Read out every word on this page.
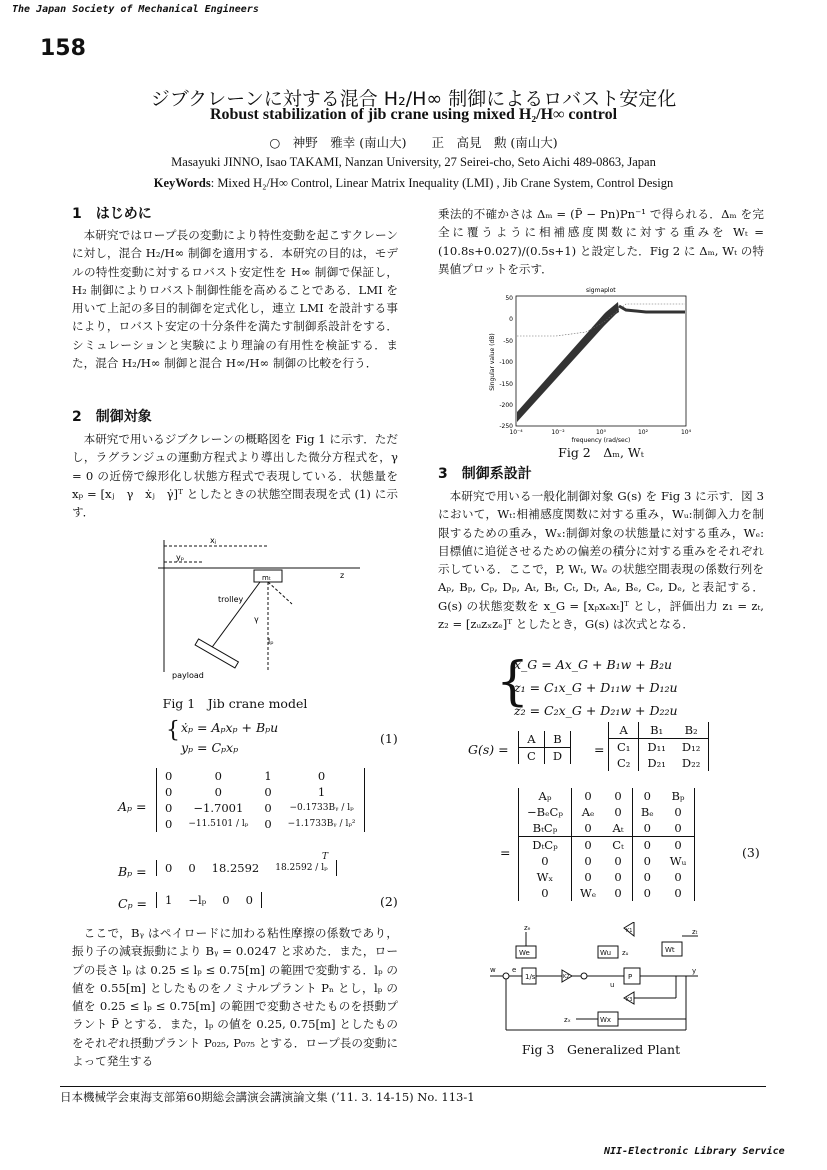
The Japan Society of Mechanical Engineers
158
ジブクレーンに対する混合 H₂/H∞ 制御によるロバスト安定化
Robust stabilization of jib crane using mixed H₂/H∞ control
○　神野　雅幸 (南山大)　　正　高見　勲 (南山大)
Masayuki JINNO, Isao TAKAMI, Nanzan University, 27 Seirei-cho, Seto Aichi 489-0863, Japan
KeyWords: Mixed H₂/H∞ Control, Linear Matrix Inequality (LMI) , Jib Crane System, Control Design
1　はじめに
本研究ではロープ長の変動により特性変動を起こすクレーンに対し，混合 H₂/H∞ 制御を適用する．本研究の目的は，モデルの特性変動に対するロバスト安定性を H∞ 制御で保証し，H₂ 制御によりロバスト制御性能を高めることである．LMI を用いて上記の多目的制御を定式化し，連立 LMI を設計する事により，ロバスト安定の十分条件を満たす制御系設計をする．シミュレーションと実験により理論の有用性を検証する．また，混合 H₂/H∞ 制御と混合 H∞/H∞ 制御の比較を行う．
2　制御対象
本研究で用いるジブクレーンの概略図を Fig 1 に示す．ただし，ラグランジュの運動方程式より導出した微分方程式を，γ = 0 の近傍で線形化し状態方程式で表現している．状態量を xₚ = [xⱼ　γ　ẋⱼ　γ̇]ᵀ としたときの状態空間表現を式 (1) に示す．
xⱼ
yₚ
z
mₜ
trolley
γ
lₚ
payload
Fig 1　Jib crane model
{ ẋₚ = Aₚxₚ + Bₚu
yₚ = Cₚxₚ
(1)
Aₚ =
0	0	1	0
0	0	0	1
0	−1.7001	0	−0.1733Bᵧ / lₚ
0	−11.5101 / lₚ	0	−1.1733Bᵧ / lₚ²
Bₚ = 0	0	18.2592	18.2592 / lₚ
T
Cₚ = 1	−lₚ	0	0	(2)
ここで，Bᵧ はペイロードに加わる粘性摩擦の係数であり，振り子の減衰振動により Bᵧ = 0.0247 と求めた．また，ロープの長さ lₚ は 0.25 ≤ lₚ ≤ 0.75[m] の範囲で変動する．lₚ の値を 0.55[m] としたものをノミナルプラント Pₙ とし，lₚ の値を 0.25 ≤ lₚ ≤ 0.75[m] の範囲で変動させたものを摂動プラント P̃ とする．また，lₚ の値を 0.25, 0.75[m] としたものをそれぞれ摂動プラント P₀₂₅, P₀₇₅ とする．ロープ長の変動によって発生する
乗法的不確かさは Δₘ = (P̃ − Pn)Pn⁻¹ で得られる．Δₘ を完全に覆うように相補感度関数に対する重みを Wₜ = (10.8s+0.027)/(0.5s+1) と設定した．Fig 2 に Δₘ, Wₜ の特異値プロットを示す．
sigmaplot
50
0
-50
-100
-150
-200
-250
10⁻⁴	10⁻²	10⁰	10²	10⁴
frequency (rad/sec)
Singular value (dB)
Fig 2　Δₘ, Wₜ
3　制御系設計
本研究で用いる一般化制御対象 G(s) を Fig 3 に示す．図 3 において，Wₜ:相補感度関数に対する重み，Wᵤ:制御入力を制限するための重み，Wₓ:制御対象の状態量に対する重み，Wₑ:目標値に追従させるための偏差の積分に対する重みをそれぞれ示している．ここで，P, Wₜ, Wₑ の状態空間表現の係数行列を Aₚ, Bₚ, Cₚ, Dₚ, Aₜ, Bₜ, Cₜ, Dₜ, Aₑ, Bₑ, Cₑ, Dₑ, と表記する．G(s) の状態変数を x_G = [xₚxₑxₜ]ᵀ とし，評価出力 z₁ = zₜ, z₂ = [zᵤzₓzₑ]ᵀ としたとき，G(s) は次式となる．
{
ẋ_G = Ax_G + B₁w + B₂u
z₁ = C₁x_G + D₁₁w + D₁₂u
z₂ = C₂x_G + D₂₁w + D₂₂u
G(s) =
A	B
C	D	=
A	B₁	B₂
C₁	D₁₁	D₁₂
C₂	D₂₁	D₂₂
=
Aₚ	0	0	0	Bₚ
−BₑCₚ	Aₑ	0	Bₑ	0
BₜCₚ	0	Aₜ	0	0
DₜCₚ	0	Cₜ	0	0
0	0	0	0	Wᵤ
Wₓ	0	0	0	0
0	Wₑ	0	0	0
(3)
zₑ
We
K1
Wu zᵤ	Wt
zₜ
w e
1/s	K2
u
P
y
K3
Wx
zₓ
Fig 3　Generalized Plant
日本機械学会東海支部第60期総会講演会講演論文集 (ʼ11. 3. 14-15) No. 113-1
NII-Electronic Library Service
